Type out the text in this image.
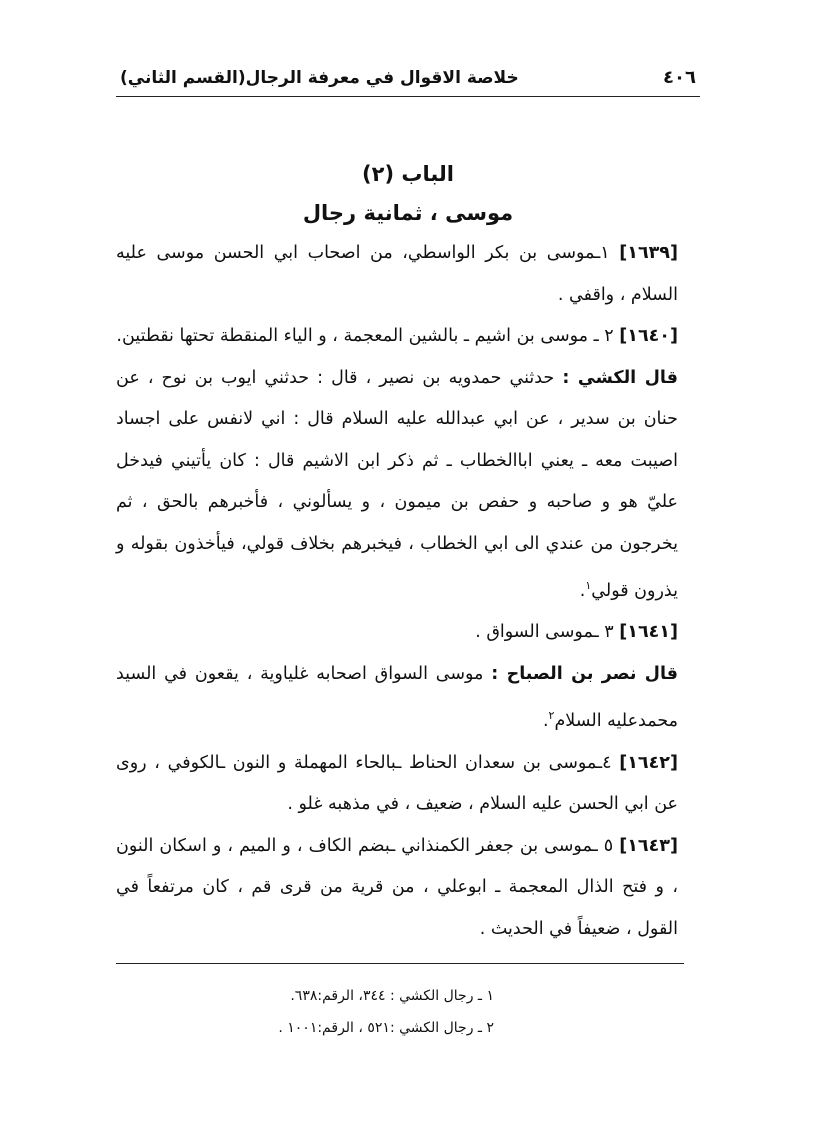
٤٠٦
خلاصة الاقوال في معرفة الرجال(القسم الثاني)
الباب (٢)
موسى ، ثمانية رجال

[١٦٣٩] ١ـموسى بن بكر الواسطي، من اصحاب ابي الحسن موسى عليه السلام ، واقفي .

[١٦٤٠] ٢ ـ موسى بن اشيم ـ بالشين المعجمة ، و الياء المنقطة تحتها نقطتين.

قال الكشي : حدثني حمدويه بن نصير ، قال : حدثني ايوب بن نوح ، عن حنان بن سدير ، عن ابي عبدالله عليه السلام قال : اني لانفس على اجساد اصيبت معه ـ يعني اباالخطاب ـ ثم ذكر ابن الاشيم قال : كان يأتيني فيدخل عليّ هو و صاحبه و حفص بن ميمون ، و يسألوني ، فأخبرهم بالحق ، ثم يخرجون من عندي الى ابي الخطاب ، فيخبرهم بخلاف قولي، فيأخذون بقوله و يذرون قولي$^١$.

[١٦٤١] ٣ ـموسى السواق .

قال نصر بن الصباح : موسى السواق اصحابه غلياوية ، يقعون في السيد محمدعليه السلام$^٢$.

[١٦٤٢] ٤ـموسى بن سعدان الحناط ـبالحاء المهملة و النون ـالكوفي ، روى عن ابي الحسن عليه السلام ، ضعيف ، في مذهبه غلو .

[١٦٤٣] ٥ ـموسى بن جعفر الكمنذاني ـبضم الكاف ، و الميم ، و اسكان النون ، و فتح الذال المعجمة ـ ابوعلي ، من قرية من قرى قم ، كان مرتفعاً في القول ، ضعيفاً في الحديث .

١ ـ رجال الكشي : ٣٤٤، الرقم:٦٣٨.
٢ ـ رجال الكشي :٥٢١ ، الرقم:١٠٠١ .
